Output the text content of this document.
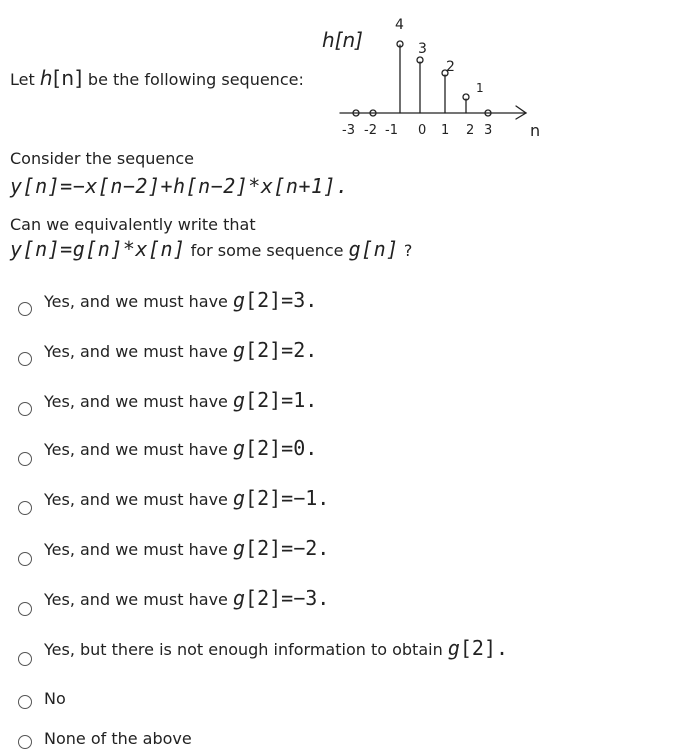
Let h[n] be the following sequence:
h[n]
4
3
2
1
-3 -2 -1 0 1 2 3 n
Consider the sequence
y[n]=−x[n−2]+h[n−2]*x[n+1].
Can we equivalently write that
y[n]=g[n]*x[n] for some sequence g[n] ?
Yes, and we must have g[2]=3.
Yes, and we must have g[2]=2.
Yes, and we must have g[2]=1.
Yes, and we must have g[2]=0.
Yes, and we must have g[2]=−1.
Yes, and we must have g[2]=−2.
Yes, and we must have g[2]=−3.
Yes, but there is not enough information to obtain g[2].
No
None of the above
